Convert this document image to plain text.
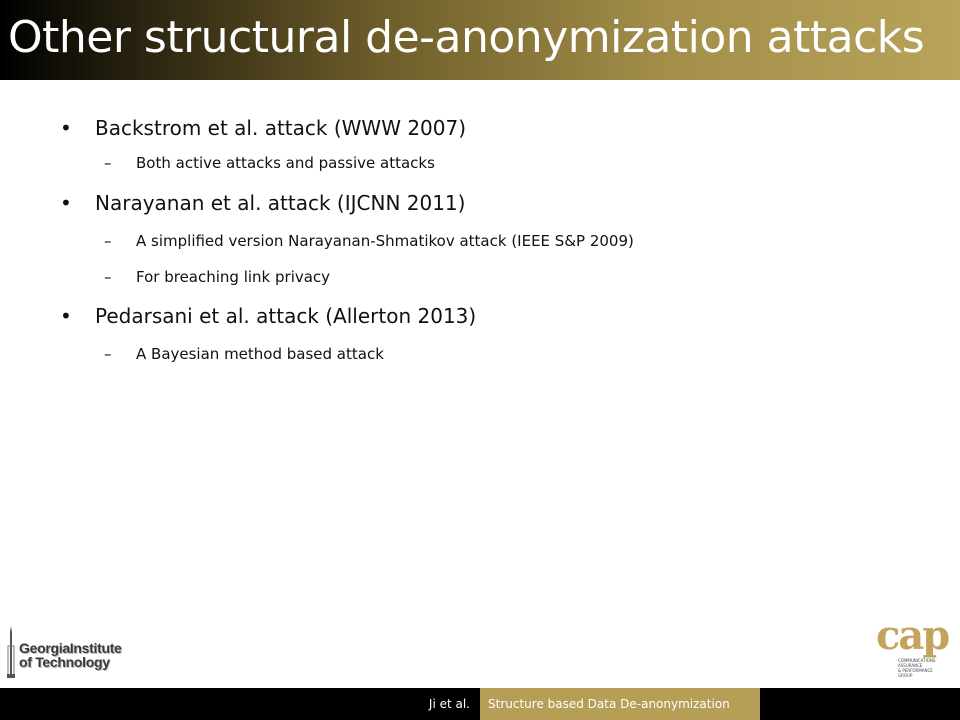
Other structural de-anonymization attacks
• Backstrom et al. attack (WWW 2007)
– Both active attacks and passive attacks
• Narayanan et al. attack (IJCNN 2011)
– A simplified version Narayanan-Shmatikov attack (IEEE S&P 2009)
– For breaching link privacy
• Pedarsani et al. attack (Allerton 2013)
– A Bayesian method based attack
GeorgiaInstitute
of Technology
cap
COMMUNICATIONS
ASSURANCE
& PERFORMANCE
GROUP
Ji et al. Structure based Data De-anonymization
